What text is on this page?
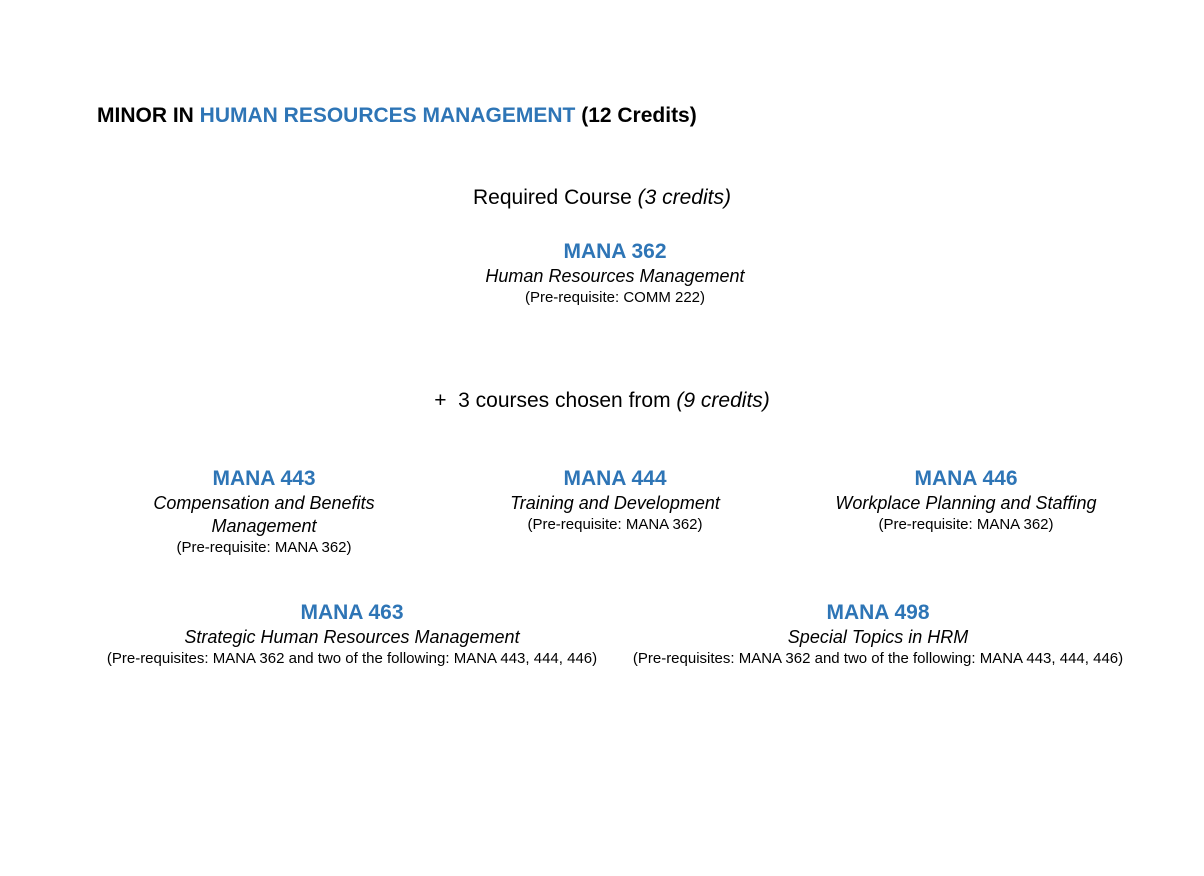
MINOR IN HUMAN RESOURCES MANAGEMENT (12 Credits)
Required Course (3 credits)
MANA 362
Human Resources Management
(Pre-requisite: COMM 222)
+ 3 courses chosen from (9 credits)
MANA 443
Compensation and Benefits Management
(Pre-requisite: MANA 362)
MANA 444
Training and Development
(Pre-requisite: MANA 362)
MANA 446
Workplace Planning and Staffing
(Pre-requisite: MANA 362)
MANA 463
Strategic Human Resources Management
(Pre-requisites: MANA 362 and two of the following: MANA 443, 444, 446)
MANA 498
Special Topics in HRM
(Pre-requisites: MANA 362 and two of the following: MANA 443, 444, 446)
